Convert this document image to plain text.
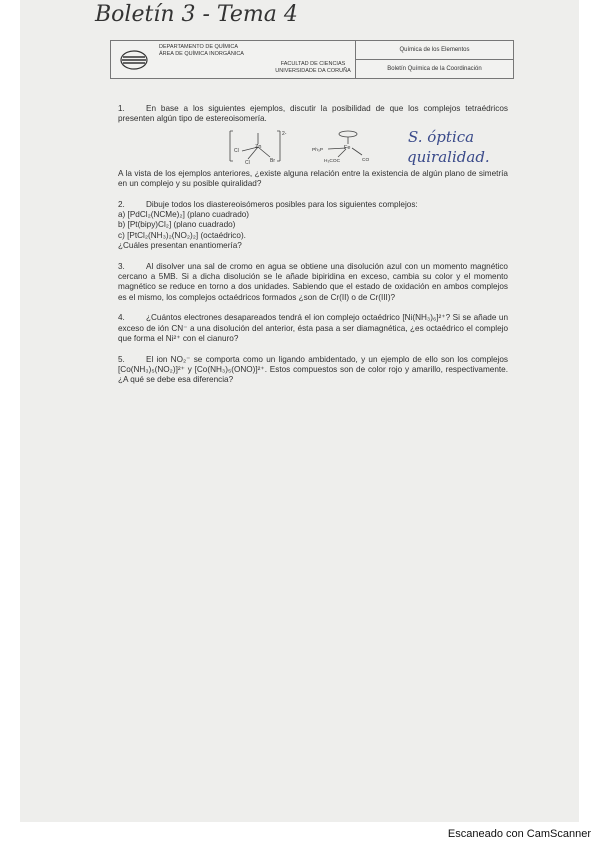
Boletín 3 - Tema 4
S. óptica
quiralidad.
DEPARTAMENTO DE QUÍMICA
ÁREA DE QUÍMICA INORGÁNICA
FACULTAD DE CIENCIAS
UNIVERSIDADE DA CORUÑA
Química de los Elementos
Boletín Química de la Coordinación

1.	En base a los siguientes ejemplos, discutir la posibilidad de que los complejos tetraédricos presenten algún tipo de estereoisomería.

Zn
Cl
Cl	Br
2-
Fe
Ph₃P
H₃COC	CO

A la vista de los ejemplos anteriores, ¿existe alguna relación entre la existencia de algún plano de simetría en un complejo y su posible quiralidad?

2.	Dibuje todos los diastereoisómeros posibles para los siguientes complejos:

a) [PdCl₂(NCMe)₂] (plano cuadrado)
b) [Pt(bipy)Cl₂] (plano cuadrado)
c) [PtCl₂(NH₃)₂(NO₂)₂] (octaédrico).
¿Cuáles presentan enantiomería?

3.	Al disolver una sal de cromo en agua se obtiene una disolución azul con un momento magnético cercano a 5MB. Si a dicha disolución se le añade bipiridina en exceso, cambia su color y el momento magnético se reduce en torno a dos unidades. Sabiendo que el estado de oxidación en ambos complejos es el mismo, los complejos octaédricos formados ¿son de Cr(II) o de Cr(III)?

4.	¿Cuántos electrones desapareados tendrá el ion complejo octaédrico [Ni(NH₃)₆]²⁺? Si se añade un exceso de ión CN⁻ a una disolución del anterior, ésta pasa a ser diamagnética, ¿es octaédrico el complejo que forma el Ni²⁺ con el cianuro?

5.	El ion NO₂⁻ se comporta como un ligando ambidentado, y un ejemplo de ello son los complejos [Co(NH₃)₅(NO₂)]²⁺ y [Co(NH₃)₅(ONO)]²⁺. Estos compuestos son de color rojo y amarillo, respectivamente. ¿A qué se debe esa diferencia?

Escaneado con CamScanner
